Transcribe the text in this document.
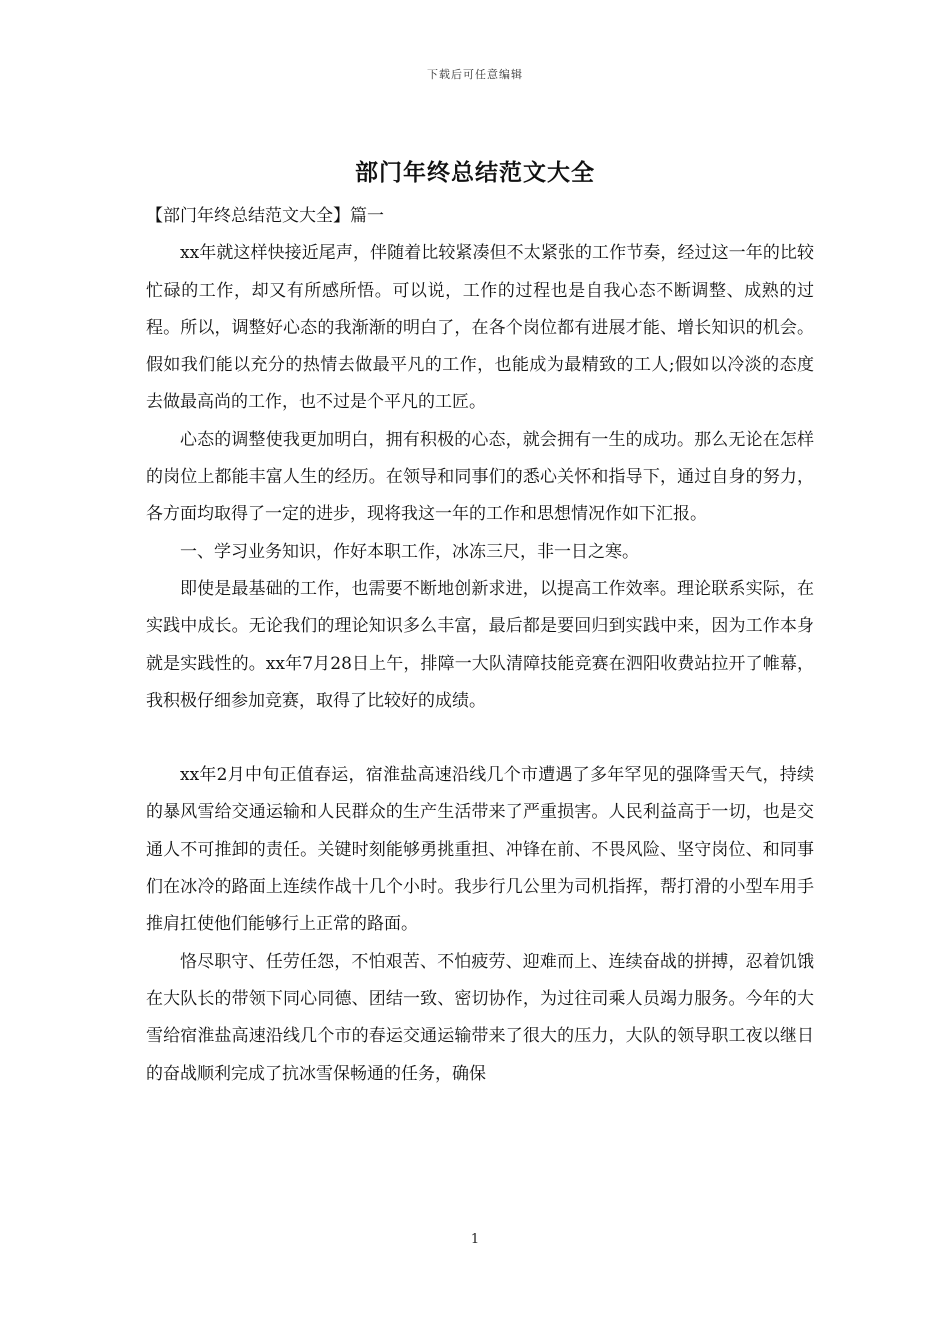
下载后可任意编辑
部门年终总结范文大全

【部门年终总结范文大全】篇一

xx年就这样快接近尾声，伴随着比较紧凑但不太紧张的工作节奏，经过这一年的比较忙碌的工作，却又有所感所悟。可以说，工作的过程也是自我心态不断调整、成熟的过程。所以，调整好心态的我渐渐的明白了，在各个岗位都有进展才能、增长知识的机会。假如我们能以充分的热情去做最平凡的工作，也能成为最精致的工人;假如以冷淡的态度去做最高尚的工作，也不过是个平凡的工匠。

心态的调整使我更加明白，拥有积极的心态，就会拥有一生的成功。那么无论在怎样的岗位上都能丰富人生的经历。在领导和同事们的悉心关怀和指导下，通过自身的努力，各方面均取得了一定的进步，现将我这一年的工作和思想情况作如下汇报。

一、学习业务知识，作好本职工作，冰冻三尺，非一日之寒。

即使是最基础的工作，也需要不断地创新求进，以提高工作效率。理论联系实际，在实践中成长。无论我们的理论知识多么丰富，最后都是要回归到实践中来，因为工作本身就是实践性的。xx年7月28日上午，排障一大队清障技能竞赛在泗阳收费站拉开了帷幕，我积极仔细参加竞赛，取得了比较好的成绩。

xx年2月中旬正值春运，宿淮盐高速沿线几个市遭遇了多年罕见的强降雪天气，持续的暴风雪给交通运输和人民群众的生产生活带来了严重损害。人民利益高于一切，也是交通人不可推卸的责任。关键时刻能够勇挑重担、冲锋在前、不畏风险、坚守岗位、和同事们在冰冷的路面上连续作战十几个小时。我步行几公里为司机指挥，帮打滑的小型车用手推肩扛使他们能够行上正常的路面。

恪尽职守、任劳任怨，不怕艰苦、不怕疲劳、迎难而上、连续奋战的拼搏，忍着饥饿在大队长的带领下同心同德、团结一致、密切协作，为过往司乘人员竭力服务。今年的大雪给宿淮盐高速沿线几个市的春运交通运输带来了很大的压力，大队的领导职工夜以继日的奋战顺利完成了抗冰雪保畅通的任务，确保

1
